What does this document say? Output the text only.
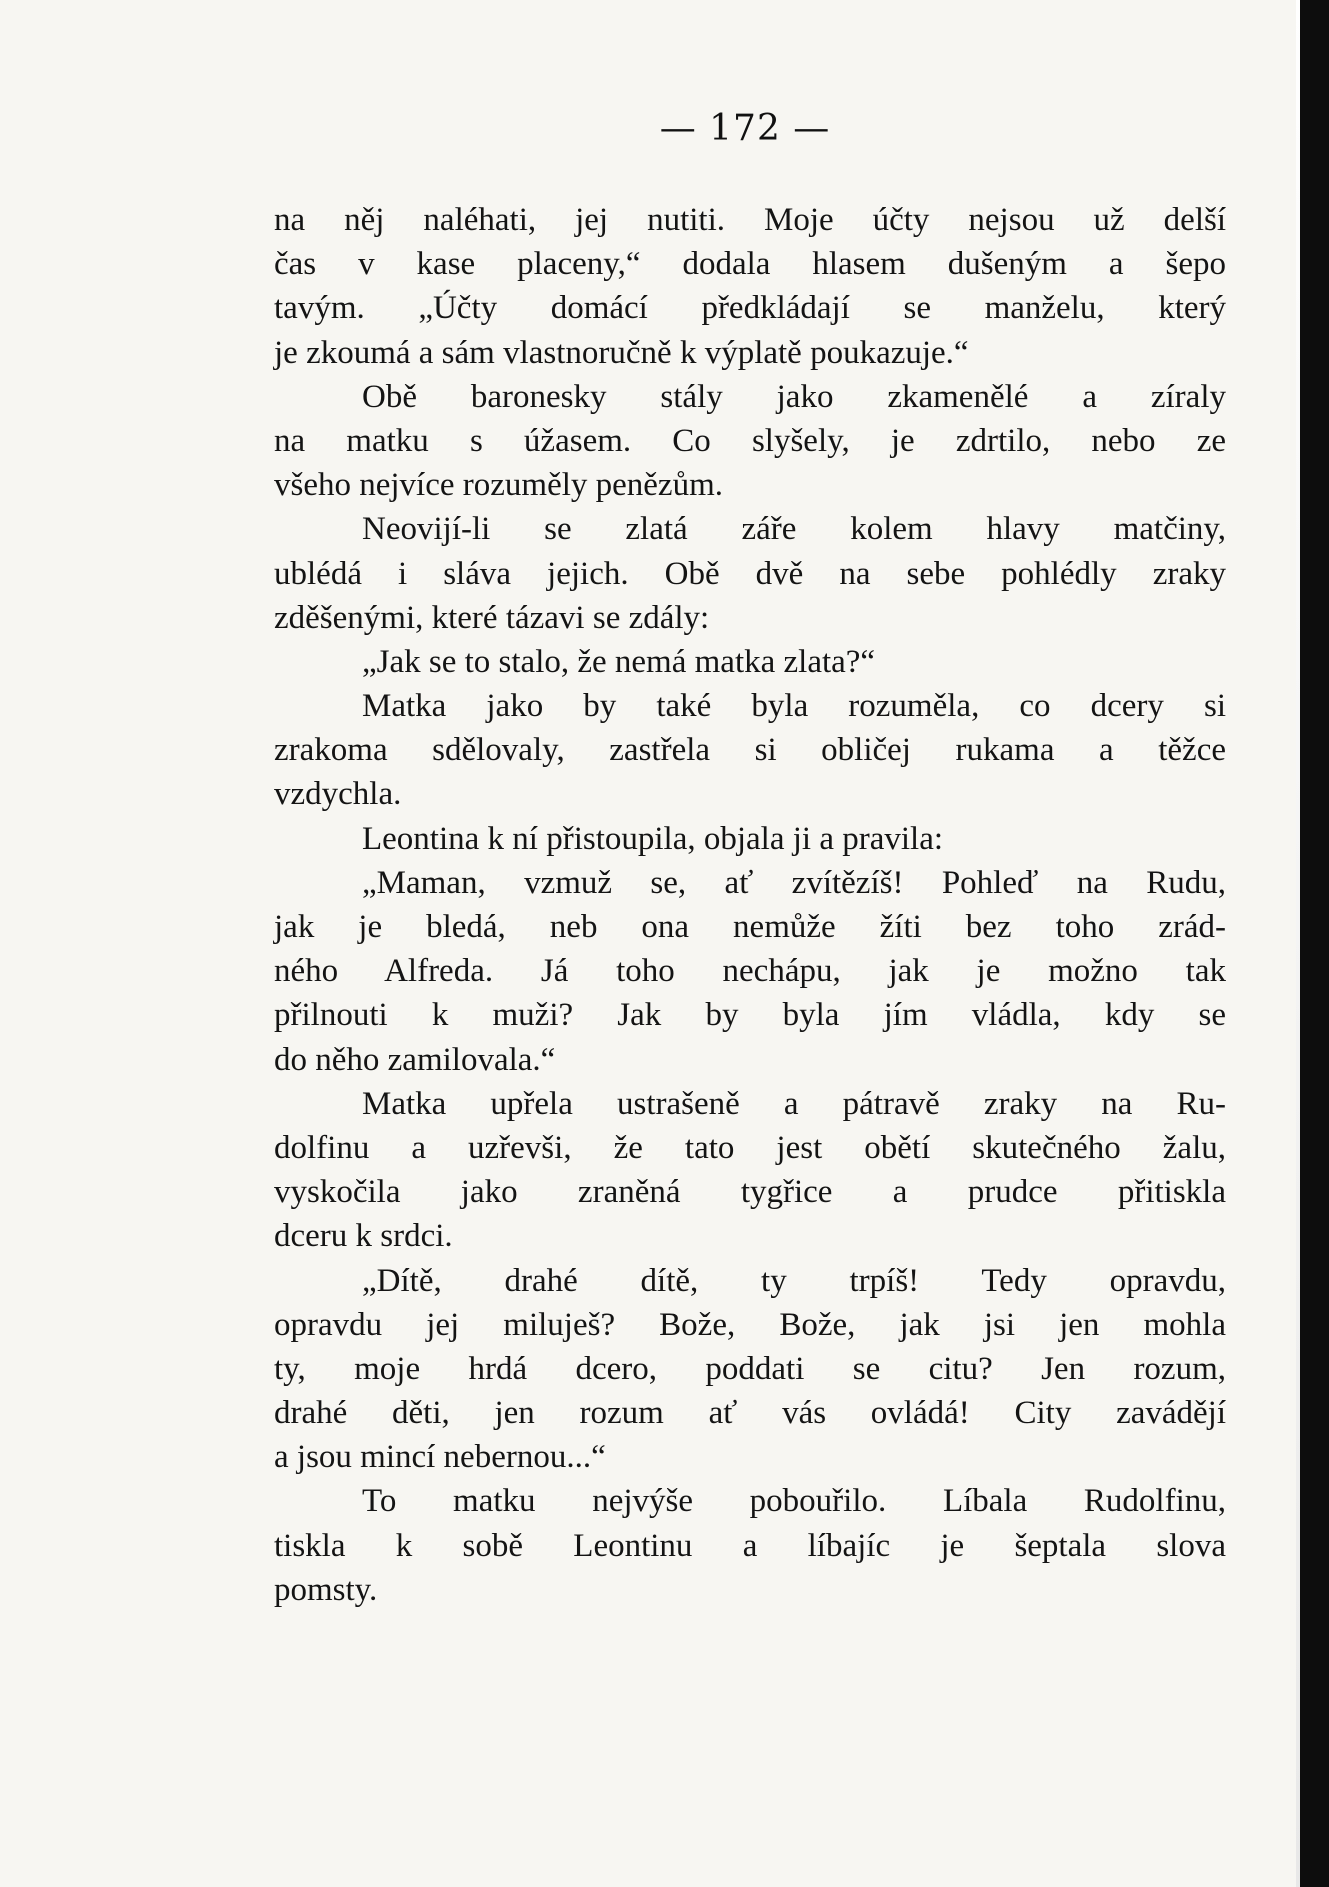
— 172 —
na něj naléhati, jej nutiti. Moje účty nejsou už delší
čas v kase placeny,“ dodala hlasem dušeným a šepo
tavým. „Účty domácí předkládají se manželu, který
je zkoumá a sám vlastnoručně k výplatě poukazuje.“
Obě baronesky stály jako zkamenělé a zíraly
na matku s úžasem. Co slyšely, je zdrtilo, nebo ze
všeho nejvíce rozuměly penězům.
Neovijí-li se zlatá záře kolem hlavy matčiny,
ublédá i sláva jejich. Obě dvě na sebe pohlédly zraky
zděšenými, které tázavi se zdály:
„Jak se to stalo, že nemá matka zlata?“
Matka jako by také byla rozuměla, co dcery si
zrakoma sdělovaly, zastřela si obličej rukama a těžce
vzdychla.
Leontina k ní přistoupila, objala ji a pravila:
„Maman, vzmuž se, ať zvítězíš! Pohleď na Rudu,
jak je bledá, neb ona nemůže žíti bez toho zrád-
ného Alfreda. Já toho nechápu, jak je možno tak
přilnouti k muži? Jak by byla jím vládla, kdy se
do něho zamilovala.“
Matka upřela ustrašeně a pátravě zraky na Ru-
dolfinu a uzřevši, že tato jest obětí skutečného žalu,
vyskočila jako zraněná tygřice a prudce přitiskla
dceru k srdci.
„Dítě, drahé dítě, ty trpíš! Tedy opravdu,
opravdu jej miluješ? Bože, Bože, jak jsi jen mohla
ty, moje hrdá dcero, poddati se citu? Jen rozum,
drahé děti, jen rozum ať vás ovládá! City zavádějí
a jsou mincí nebernou...“
To matku nejvýše pobouřilo. Líbala Rudolfinu,
tiskla k sobě Leontinu a líbajíc je šeptala slova
pomsty.
